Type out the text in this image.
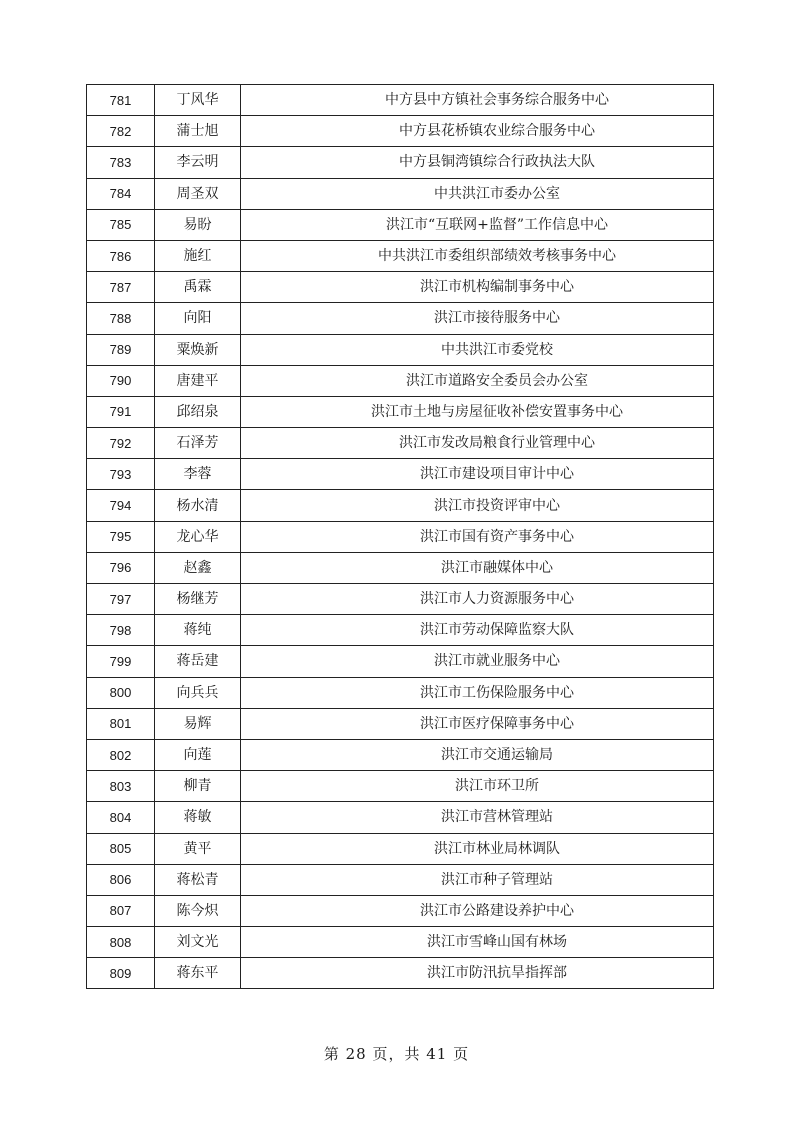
781	丁风华	中方县中方镇社会事务综合服务中心
782	蒲士旭	中方县花桥镇农业综合服务中心
783	李云明	中方县铜湾镇综合行政执法大队
784	周圣双	中共洪江市委办公室
785	易盼	洪江市“互联网+监督”工作信息中心
786	施红	中共洪江市委组织部绩效考核事务中心
787	禹霖	洪江市机构编制事务中心
788	向阳	洪江市接待服务中心
789	粟焕新	中共洪江市委党校
790	唐建平	洪江市道路安全委员会办公室
791	邱绍泉	洪江市土地与房屋征收补偿安置事务中心
792	石泽芳	洪江市发改局粮食行业管理中心
793	李蓉	洪江市建设项目审计中心
794	杨水清	洪江市投资评审中心
795	龙心华	洪江市国有资产事务中心
796	赵鑫	洪江市融媒体中心
797	杨继芳	洪江市人力资源服务中心
798	蒋纯	洪江市劳动保障监察大队
799	蒋岳建	洪江市就业服务中心
800	向兵兵	洪江市工伤保险服务中心
801	易辉	洪江市医疗保障事务中心
802	向莲	洪江市交通运输局
803	柳青	洪江市环卫所
804	蒋敏	洪江市营林管理站
805	黄平	洪江市林业局林调队
806	蒋松青	洪江市种子管理站
807	陈今炽	洪江市公路建设养护中心
808	刘文光	洪江市雪峰山国有林场
809	蒋东平	洪江市防汛抗旱指挥部
第 28 页，共 41 页
